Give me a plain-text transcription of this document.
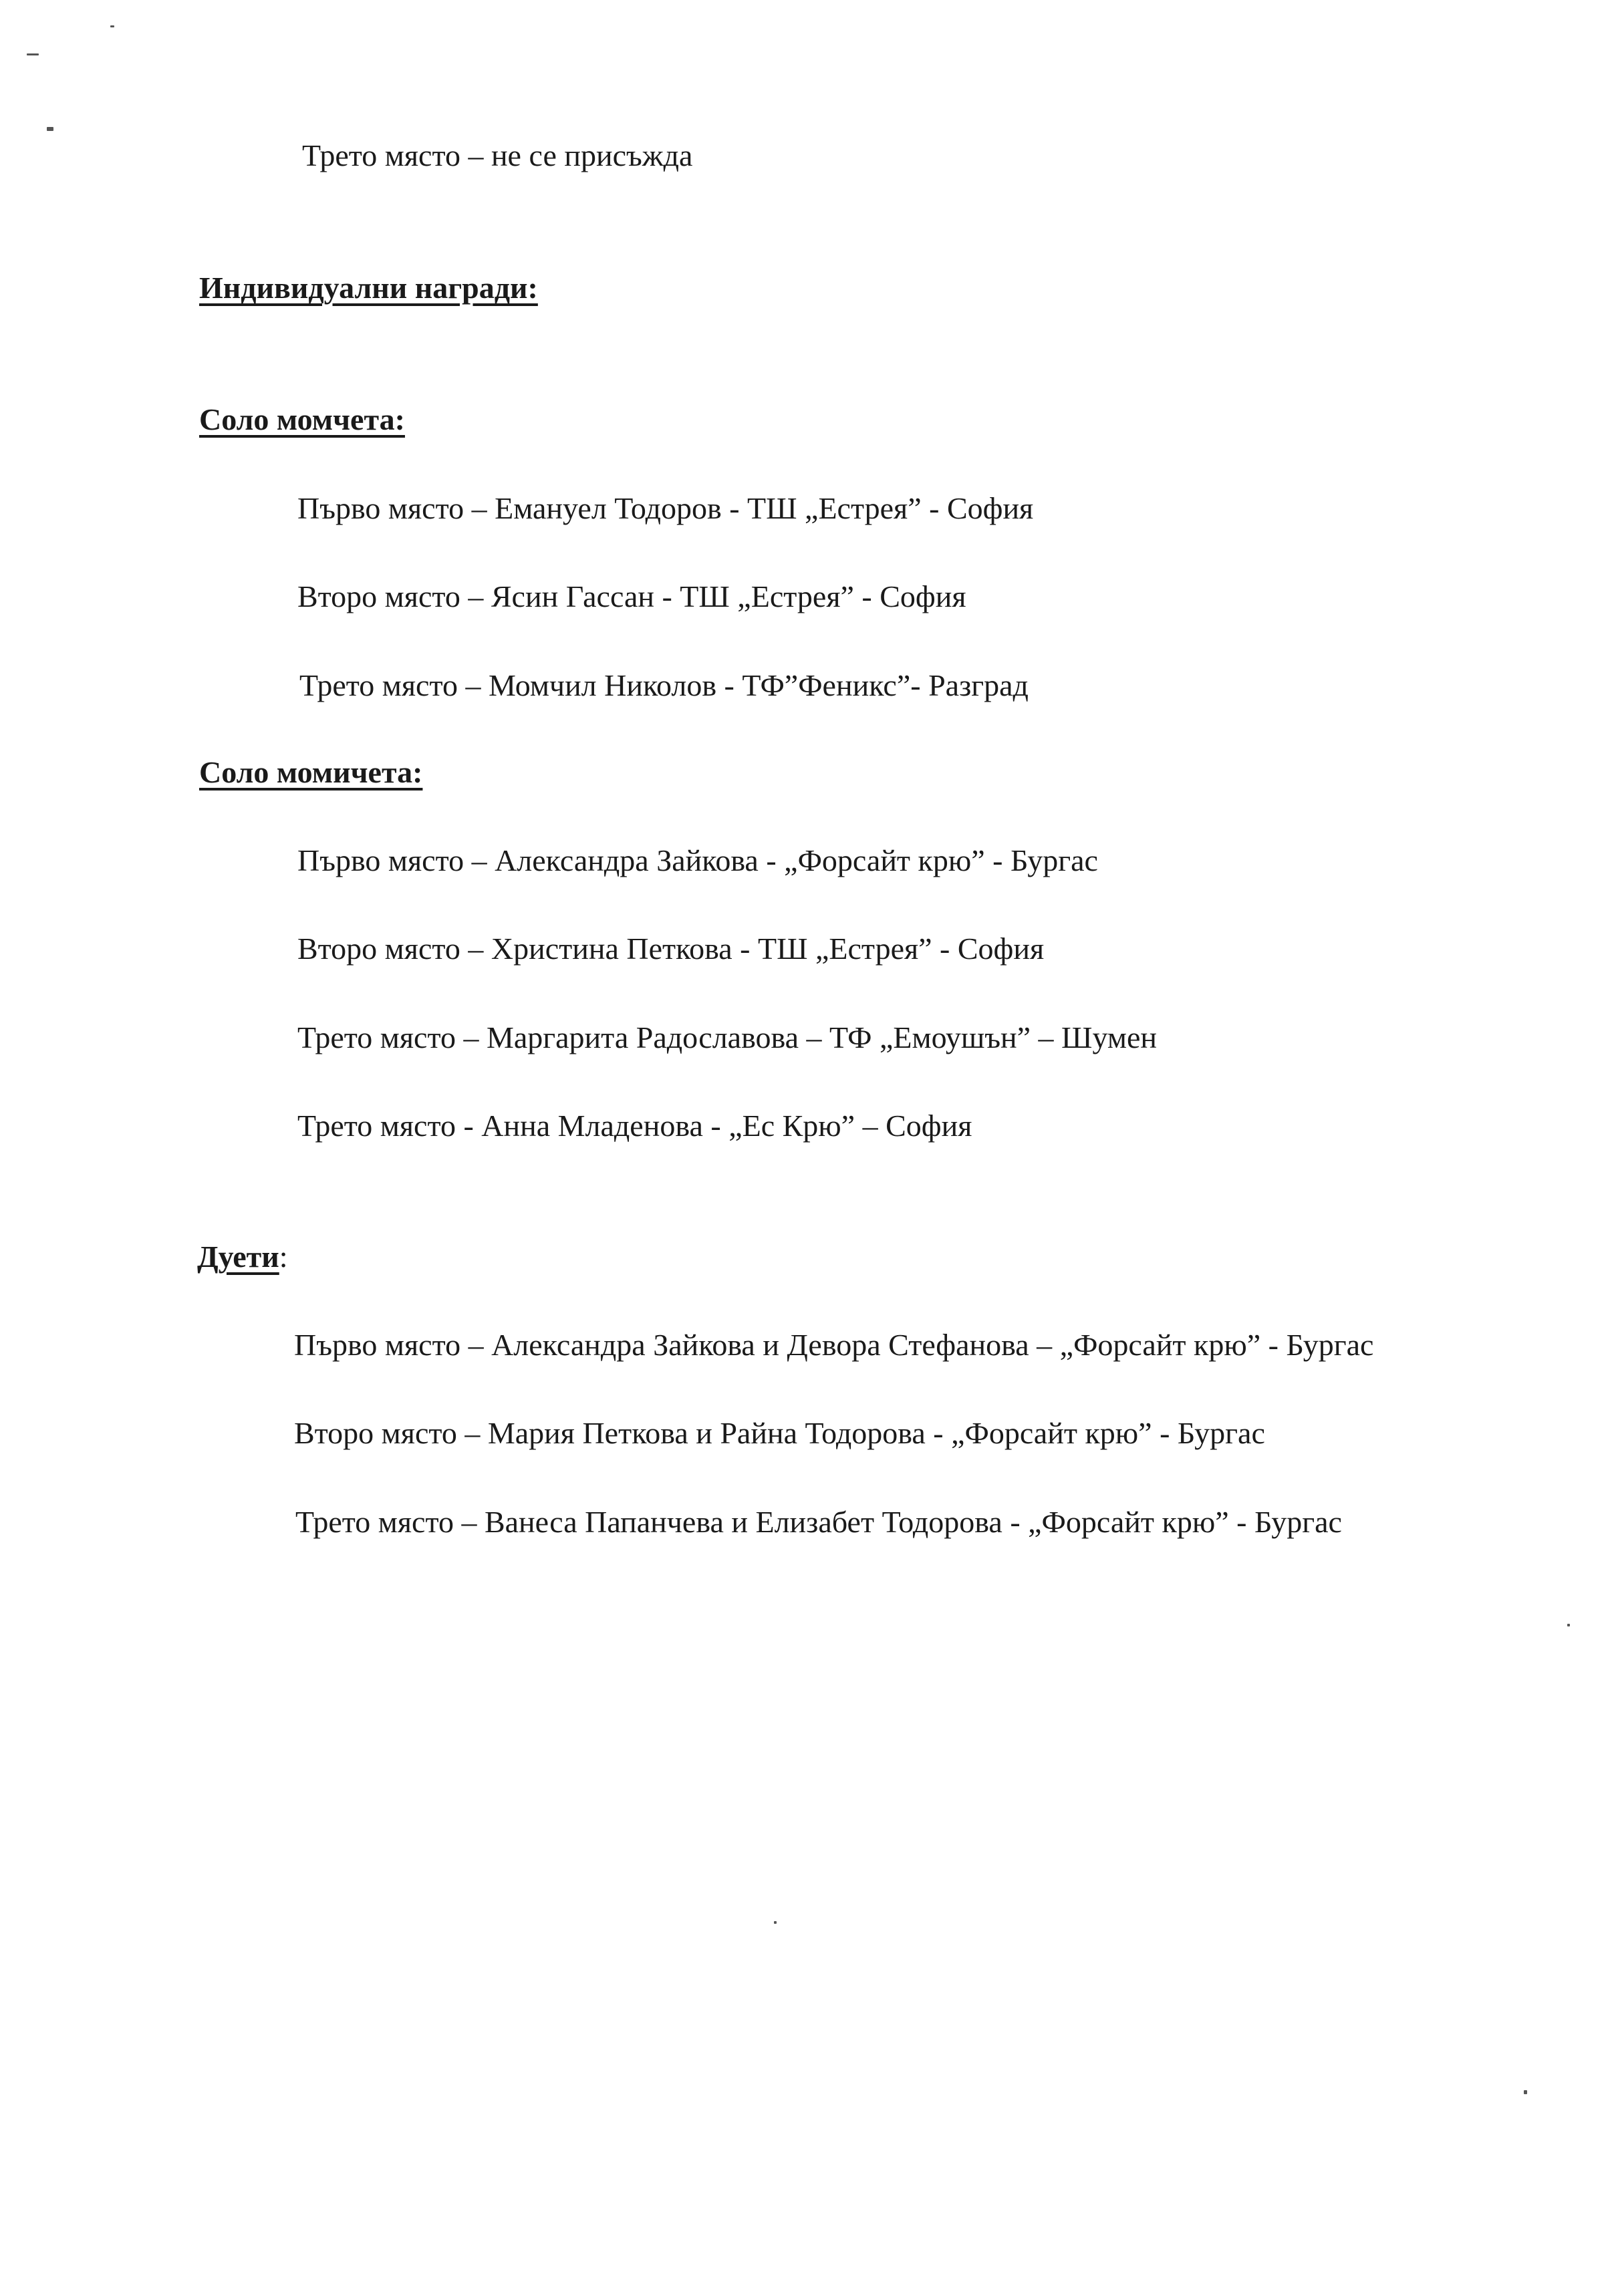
Трето място – не се присъжда
Индивидуални награди:
Соло момчета:
Първо място – Емануел Тодоров - ТШ „Естрея” - София
Второ място – Ясин Гассан - ТШ „Естрея” - София
Трето място – Момчил Николов - ТФ”Феникс”- Разград
Соло момичета:
Първо място – Александра Зайкова - „Форсайт крю” - Бургас
Второ място – Христина Петкова - ТШ „Естрея” - София
Трето място – Маргарита Радославова – ТФ „Емоушън” – Шумен
Трето място - Анна Младенова - „Ес Крю” – София
Дуети:
Първо място – Александра Зайкова и Девора Стефанова – „Форсайт крю” - Бургас
Второ място – Мария Петкова и Райна Тодорова - „Форсайт крю” - Бургас
Трето място – Ванеса Папанчева и Елизабет Тодорова - „Форсайт крю” - Бургас
